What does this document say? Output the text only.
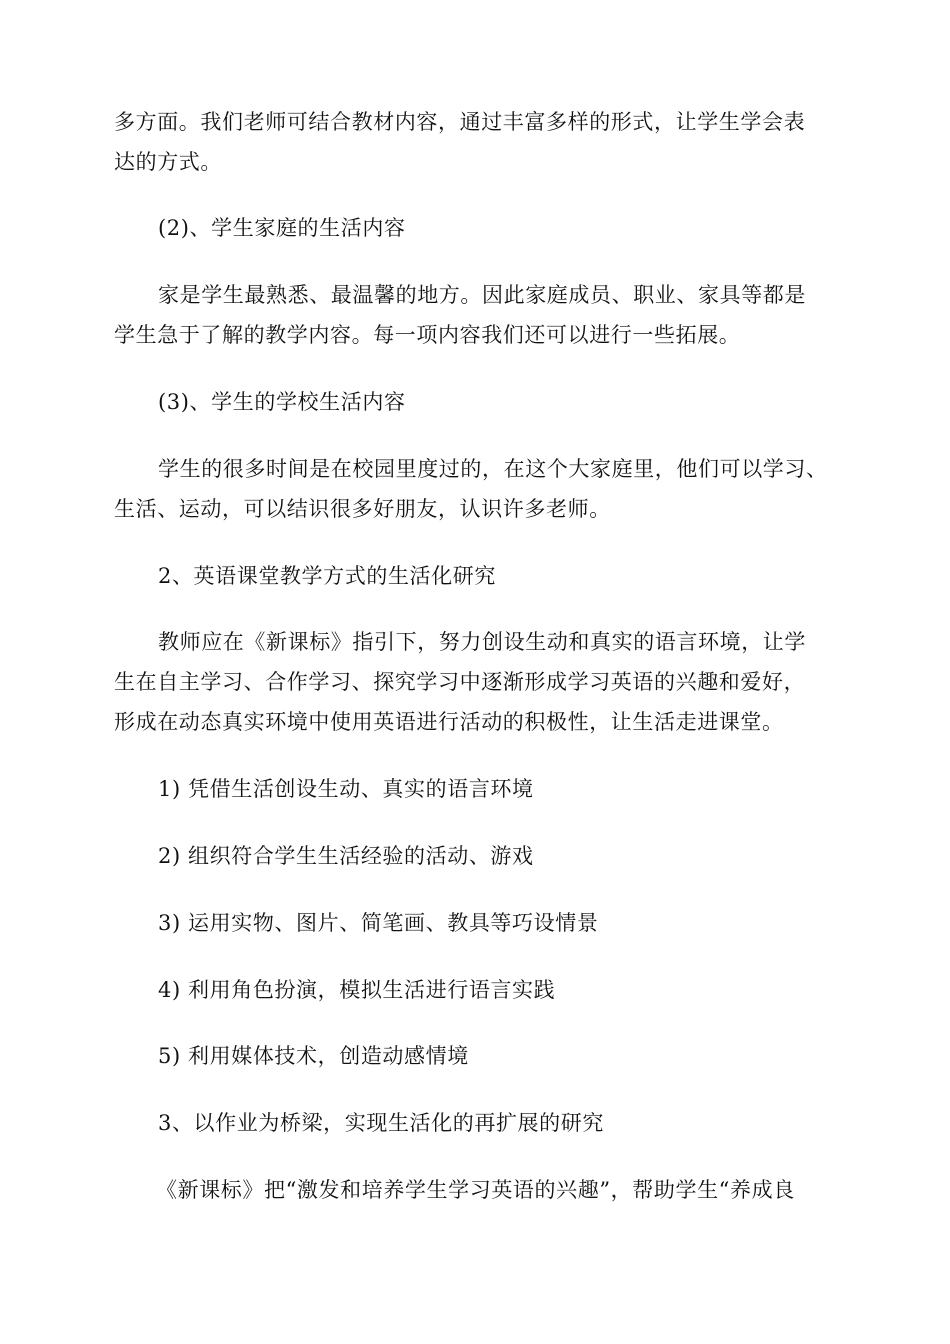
多方面。我们老师可结合教材内容，通过丰富多样的形式，让学生学会表
达的方式。
(2)、学生家庭的生活内容
家是学生最熟悉、最温馨的地方。因此家庭成员、职业、家具等都是
学生急于了解的教学内容。每一项内容我们还可以进行一些拓展。
(3)、学生的学校生活内容
学生的很多时间是在校园里度过的，在这个大家庭里，他们可以学习、
生活、运动，可以结识很多好朋友，认识许多老师。
2、英语课堂教学方式的生活化研究
教师应在《新课标》指引下，努力创设生动和真实的语言环境，让学
生在自主学习、合作学习、探究学习中逐渐形成学习英语的兴趣和爱好，
形成在动态真实环境中使用英语进行活动的积极性，让生活走进课堂。
1) 凭借生活创设生动、真实的语言环境
2) 组织符合学生生活经验的活动、游戏
3) 运用实物、图片、简笔画、教具等巧设情景
4) 利用角色扮演，模拟生活进行语言实践
5) 利用媒体技术，创造动感情境
3、以作业为桥梁，实现生活化的再扩展的研究
《新课标》把“激发和培养学生学习英语的兴趣”，帮助学生“养成良
